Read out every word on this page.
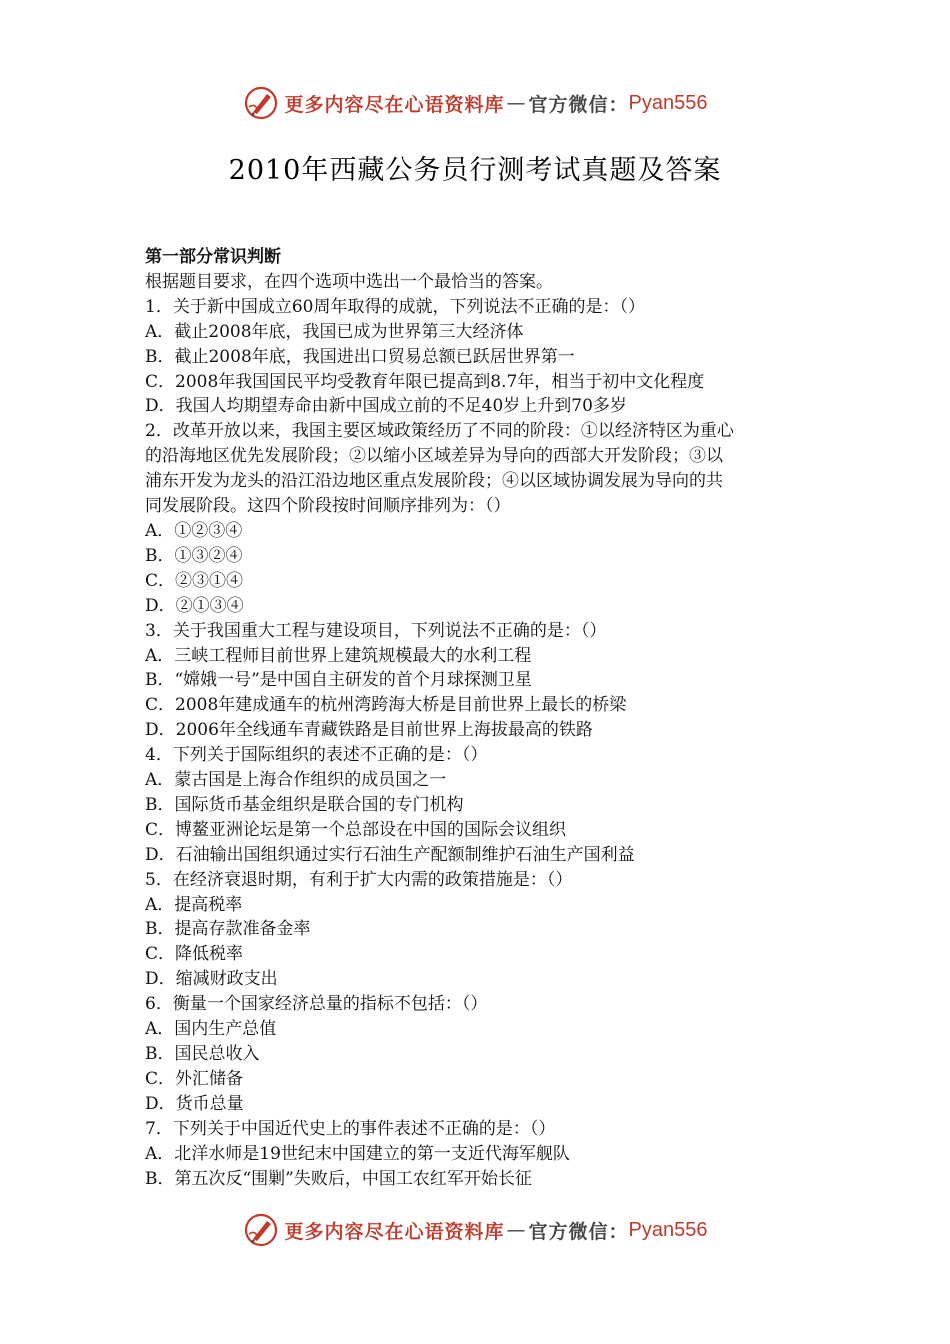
更多内容尽在心语资料库 — 官方微信： Pyan556
2010年西藏公务员行测考试真题及答案
第一部分常识判断
根据题目要求，在四个选项中选出一个最恰当的答案。
1．关于新中国成立60周年取得的成就，下列说法不正确的是：（）
A．截止2008年底，我国已成为世界第三大经济体
B．截止2008年底，我国进出口贸易总额已跃居世界第一
C．2008年我国国民平均受教育年限已提高到8.7年，相当于初中文化程度
D．我国人均期望寿命由新中国成立前的不足40岁上升到70多岁
2．改革开放以来，我国主要区域政策经历了不同的阶段：①以经济特区为重心
的沿海地区优先发展阶段；②以缩小区域差异为导向的西部大开发阶段；③以
浦东开发为龙头的沿江沿边地区重点发展阶段；④以区域协调发展为导向的共
同发展阶段。这四个阶段按时间顺序排列为：（）
A．①②③④
B．①③②④
C．②③①④
D．②①③④
3．关于我国重大工程与建设项目，下列说法不正确的是：（）
A．三峡工程师目前世界上建筑规模最大的水利工程
B．“嫦娥一号”是中国自主研发的首个月球探测卫星
C．2008年建成通车的杭州湾跨海大桥是目前世界上最长的桥梁
D．2006年全线通车青藏铁路是目前世界上海拔最高的铁路
4．下列关于国际组织的表述不正确的是：（）
A．蒙古国是上海合作组织的成员国之一
B．国际货币基金组织是联合国的专门机构
C．博鳌亚洲论坛是第一个总部设在中国的国际会议组织
D．石油输出国组织通过实行石油生产配额制维护石油生产国利益
5．在经济衰退时期，有利于扩大内需的政策措施是：（）
A．提高税率
B．提高存款准备金率
C．降低税率
D．缩减财政支出
6．衡量一个国家经济总量的指标不包括：（）
A．国内生产总值
B．国民总收入
C．外汇储备
D．货币总量
7．下列关于中国近代史上的事件表述不正确的是：（）
A．北洋水师是19世纪末中国建立的第一支近代海军舰队
B．第五次反“围剿”失败后，中国工农红军开始长征
更多内容尽在心语资料库 — 官方微信： Pyan556
